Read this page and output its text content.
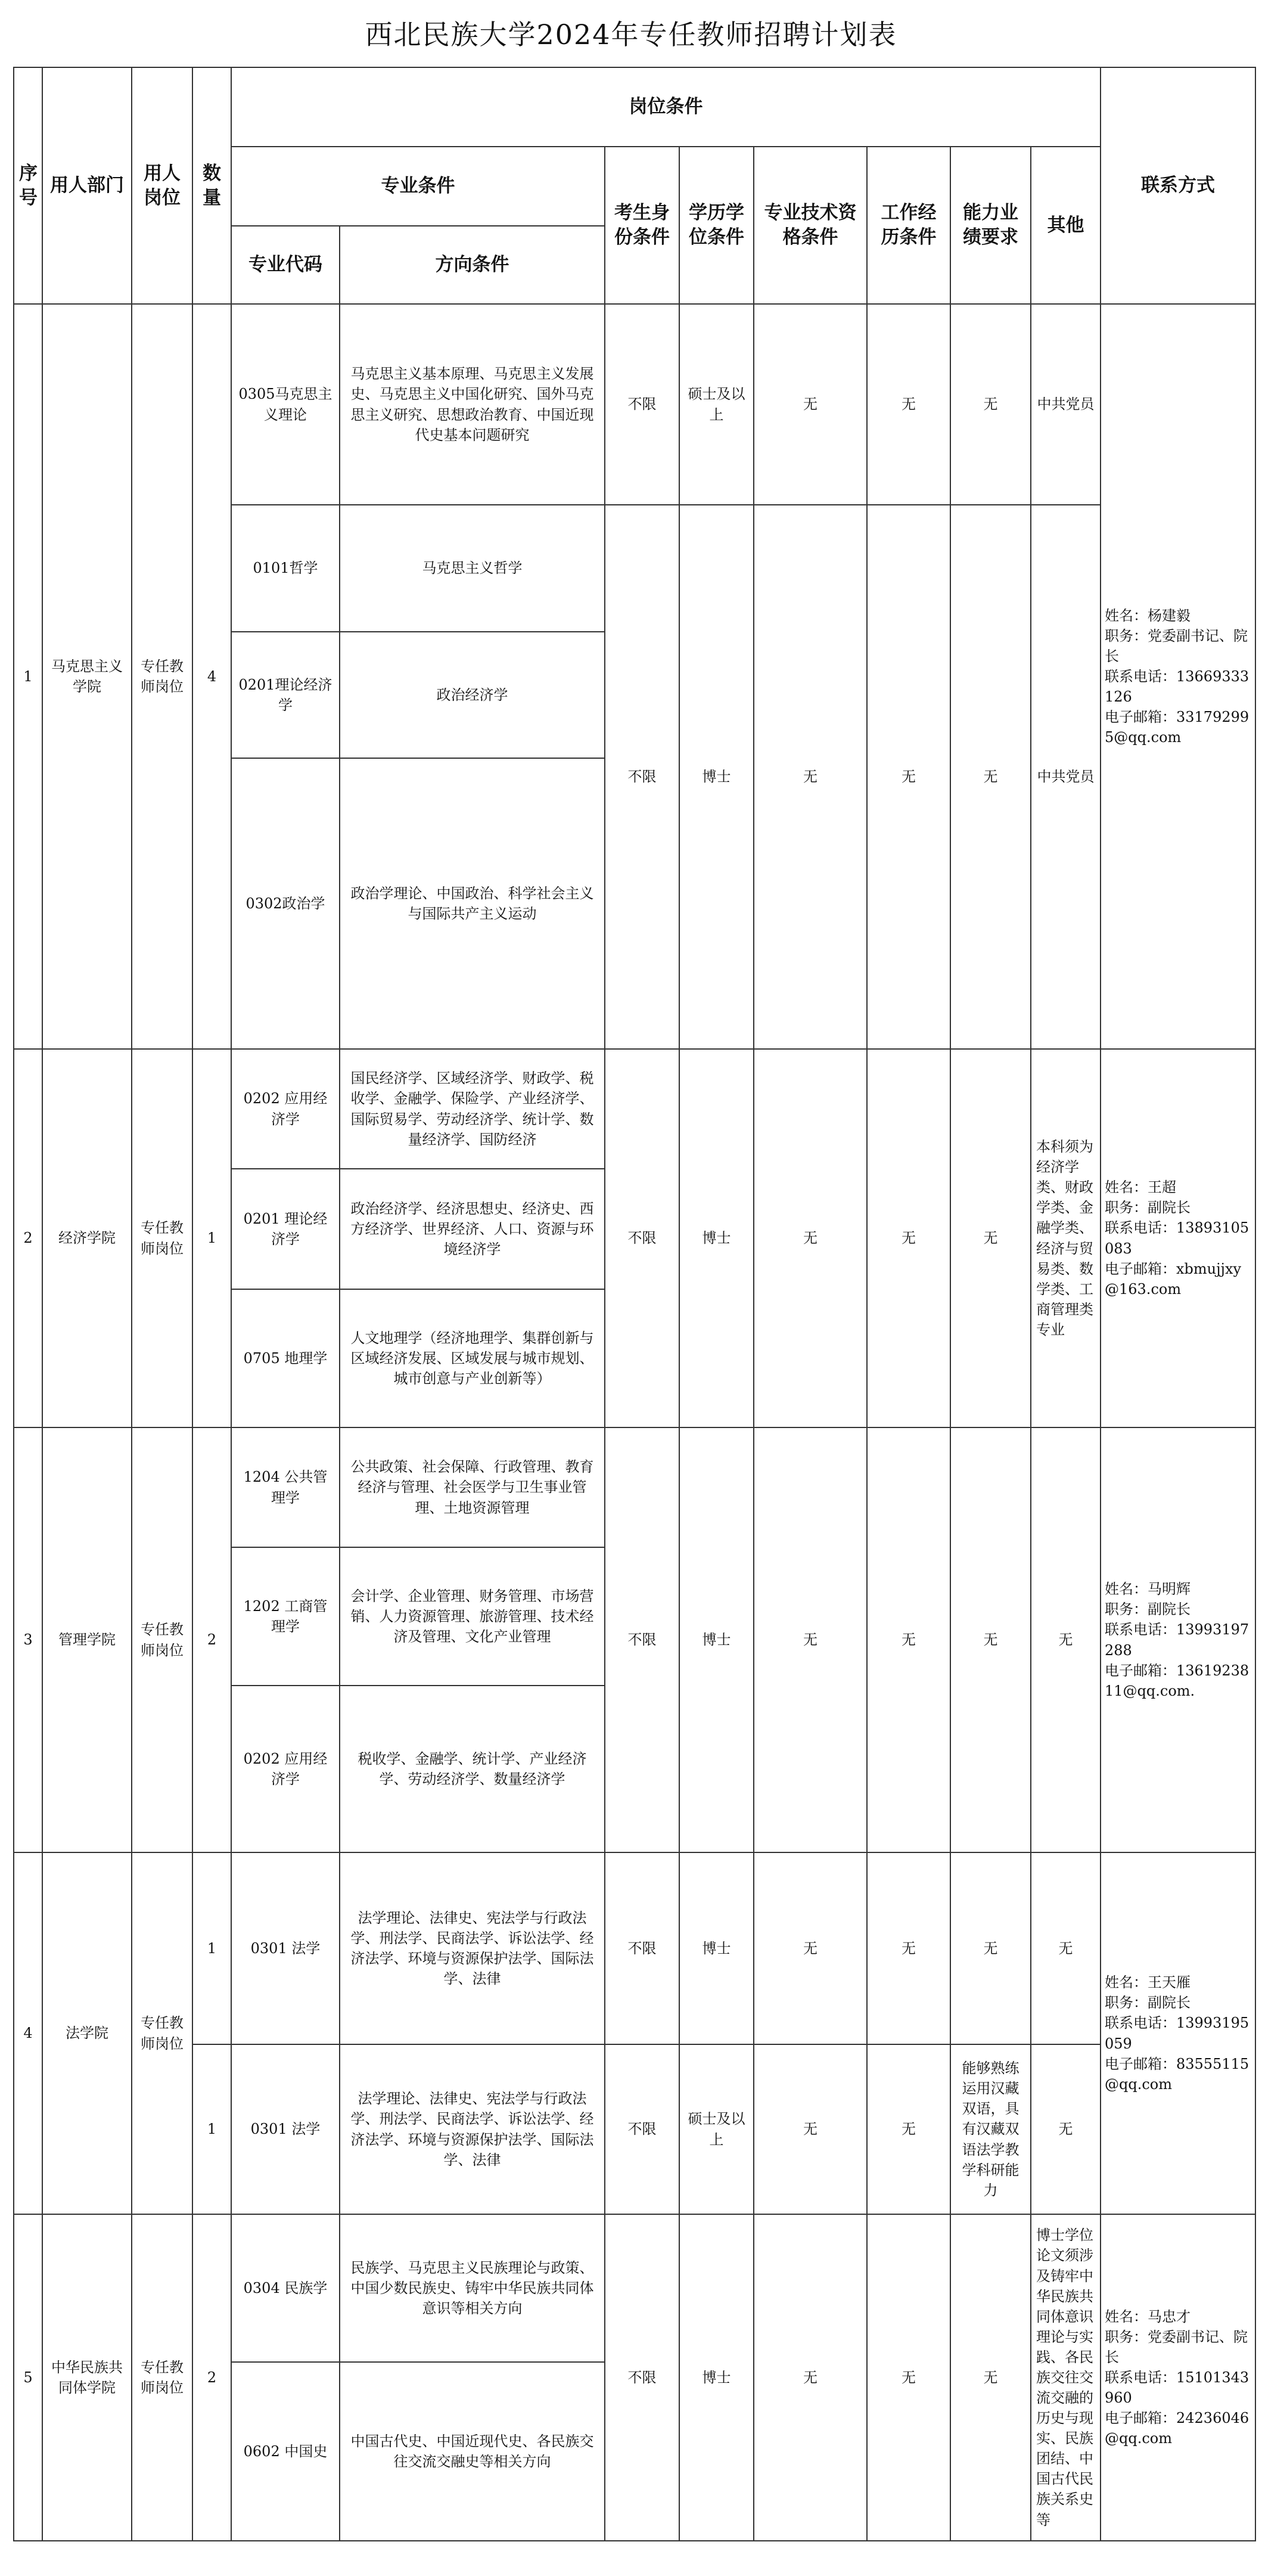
西北民族大学2024年专任教师招聘计划表
序号	用人部门	用人岗位	数量	岗位条件								联系方式
				专业条件		考生身份条件	学历学位条件	专业技术资格条件	工作经历条件	能力业绩要求	其他	
				专业代码	方向条件							
1	马克思主义学院	专任教师岗位	4	0305马克思主义理论	马克思主义基本原理、马克思主义发展史、马克思主义中国化研究、国外马克思主义研究、思想政治教育、中国近现代史基本问题研究	不限	硕士及以上	无	无	无	中共党员	姓名：杨建毅
职务：党委副书记、院长
联系电话：13669333126
电子邮箱：331792995@qq.com

				0101哲学	马克思主义哲学	不限	博士	无	无	无	中共党员	
				0201理论经济学	政治经济学							
				0302政治学	政治学理论、中国政治、科学社会主义与国际共产主义运动							
2	经济学院	专任教师岗位	1	0202 应用经济学	国民经济学、区域经济学、财政学、税收学、金融学、保险学、产业经济学、国际贸易学、劳动经济学、统计学、数量经济学、国防经济	不限	博士	无	无	无	本科须为经济学类、财政学类、金融学类、经济与贸易类、数学类、工商管理类专业	姓名：王超
职务：副院长
联系电话：13893105083
电子邮箱：xbmujjxy@163.com

				0201 理论经济学	政治经济学、经济思想史、经济史、西方经济学、世界经济、人口、资源与环境经济学							
				0705 地理学	人文地理学（经济地理学、集群创新与区域经济发展、区域发展与城市规划、城市创意与产业创新等）							
3	管理学院	专任教师岗位	2	1204 公共管理学	公共政策、社会保障、行政管理、教育经济与管理、社会医学与卫生事业管理、土地资源管理	不限	博士	无	无	无	无	姓名：马明辉
职务：副院长
联系电话：13993197288
电子邮箱：1361923811@qq.com.

				1202 工商管理学	会计学、企业管理、财务管理、市场营销、人力资源管理、旅游管理、技术经济及管理、文化产业管理							
				0202 应用经济学	税收学、金融学、统计学、产业经济学、劳动经济学、数量经济学							
4	法学院	专任教师岗位	1	0301 法学	法学理论、法律史、宪法学与行政法学、刑法学、民商法学、诉讼法学、经济法学、环境与资源保护法学、国际法学、法律	不限	博士	无	无	无	无	姓名：王天雁
职务：副院长
联系电话：13993195059
电子邮箱：83555115@qq.com

			1	0301 法学	法学理论、法律史、宪法学与行政法学、刑法学、民商法学、诉讼法学、经济法学、环境与资源保护法学、国际法学、法律	不限	硕士及以上	无	无	能够熟练运用汉藏双语，具有汉藏双语法学教学科研能力	无	
5	中华民族共同体学院	专任教师岗位	2	0304 民族学	民族学、马克思主义民族理论与政策、中国少数民族史、铸牢中华民族共同体意识等相关方向	不限	博士	无	无	无	博士学位论文须涉及铸牢中华民族共同体意识理论与实践、各民族交往交流交融的历史与现实、民族团结、中国古代民族关系史等	姓名：马忠才
职务：党委副书记、院长
联系电话：15101343960
电子邮箱：24236046@qq.com

				0602 中国史	中国古代史、中国近现代史、各民族交往交流交融史等相关方向							
